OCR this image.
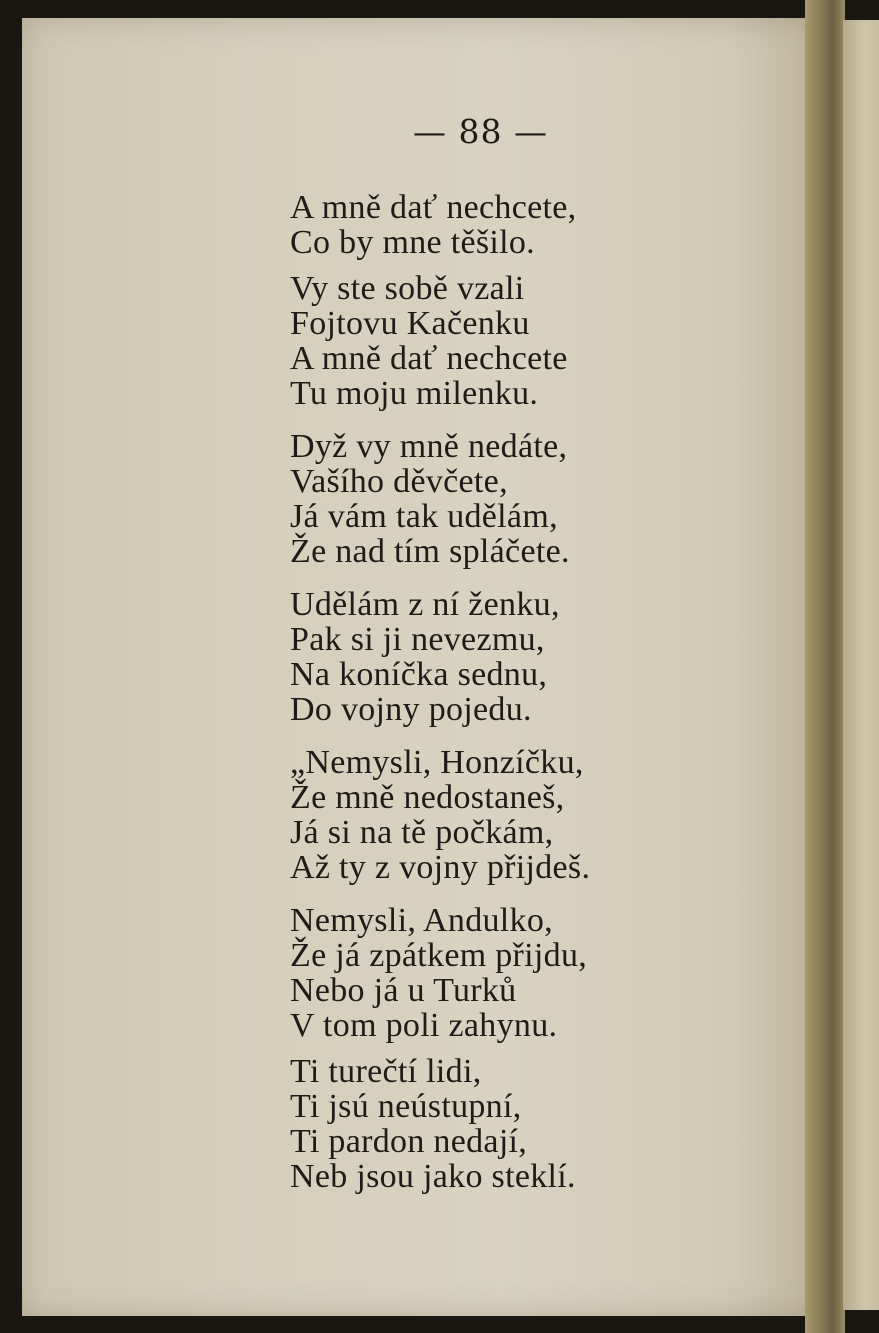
— 88 —
A mně dať nechcete,
Co by mne těšilo.
Vy ste sobě vzali
Fojtovu Kačenku
A mně dať nechcete
Tu moju milenku.
Dyž vy mně nedáte,
Vašího děvčete,
Já vám tak udělám,
Že nad tím spláčete.
Udělám z ní ženku,
Pak si ji nevezmu,
Na koníčka sednu,
Do vojny pojedu.
„Nemysli, Honzíčku,
Že mně nedostaneš,
Já si na tě počkám,
Až ty z vojny přijdeš.
Nemysli, Andulko,
Že já zpátkem přijdu,
Nebo já u Turků
V tom poli zahynu.
Ti turečtí lidi,
Ti jsú neústupní,
Ti pardon nedají,
Neb jsou jako steklí.
